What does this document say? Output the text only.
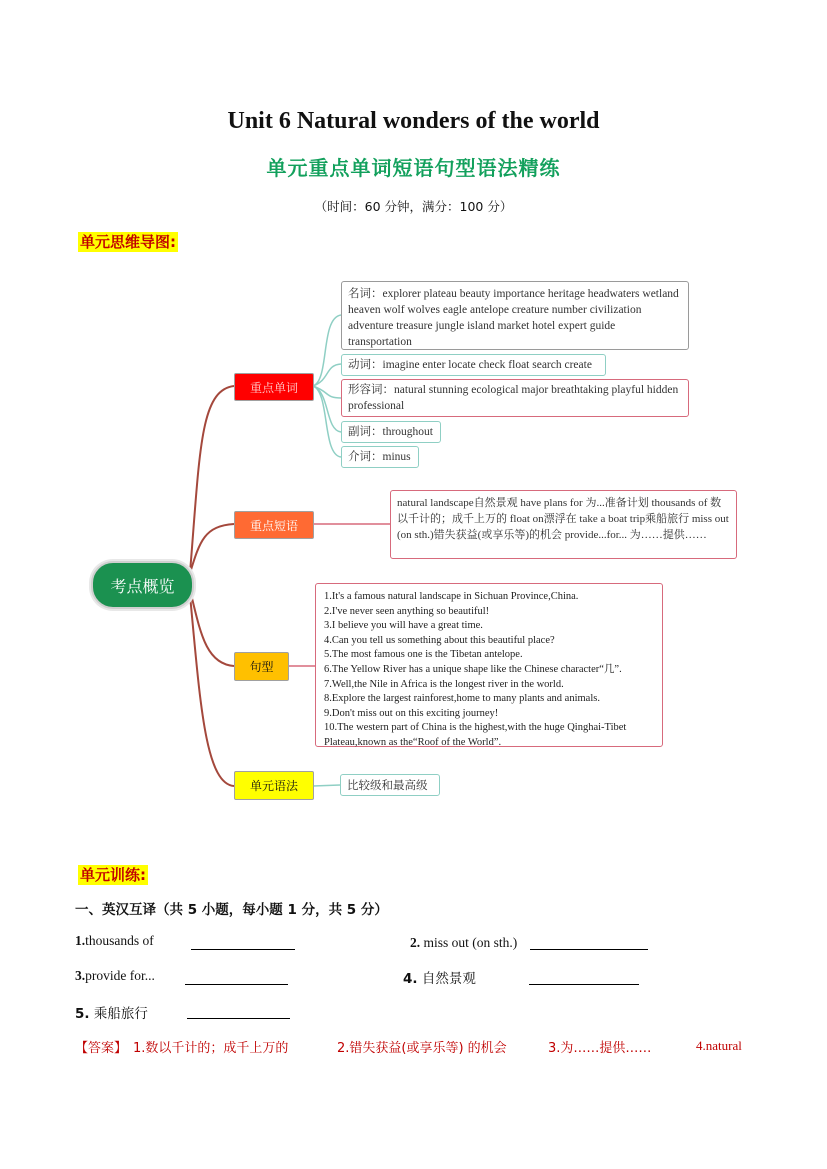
Unit 6 Natural wonders of the world
单元重点单词短语句型语法精练
（时间：60 分钟，满分：100 分）
单元思维导图:
考点概览
重点单词
重点短语
句型
单元语法
名词：explorer plateau beauty importance heritage headwaters wetland heaven wolf wolves eagle antelope creature number civilization adventure treasure jungle island market hotel expert guide transportation
动词：imagine enter locate check float search create
形容词：natural stunning ecological major breathtaking playful hidden professional
副词：throughout
介词：minus
natural landscape自然景观 have plans for 为...准备计划 thousands of 数以千计的；成千上万的 float on漂浮在 take a boat trip乘船旅行 miss out (on sth.)错失获益(或享乐等)的机会 provide...for... 为……提供……
1.It's a famous natural landscape in Sichuan Province,China.
2.I've never seen anything so beautiful!
3.I believe you will have a great time.
4.Can you tell us something about this beautiful place?
5.The most famous one is the Tibetan antelope.
6.The Yellow River has a unique shape like the Chinese character“几”.
7.Well,the Nile in Africa is the longest river in the world.
8.Explore the largest rainforest,home to many plants and animals.
9.Don't miss out on this exciting journey!
10.The western part of China is the highest,with the huge Qinghai-Tibet Plateau,known as the“Roof of the World”.
比较级和最高级
单元训练:
一、英汉互译（共 5 小题，每小题 1 分，共 5 分）
1.thousands of	2. miss out (on sth.)
3.provide for...	4. 自然景观
5. 乘船旅行
【答案】 1.数以千计的；成千上万的	2.错失获益(或享乐等) 的机会	3.为……提供……	4.natural
